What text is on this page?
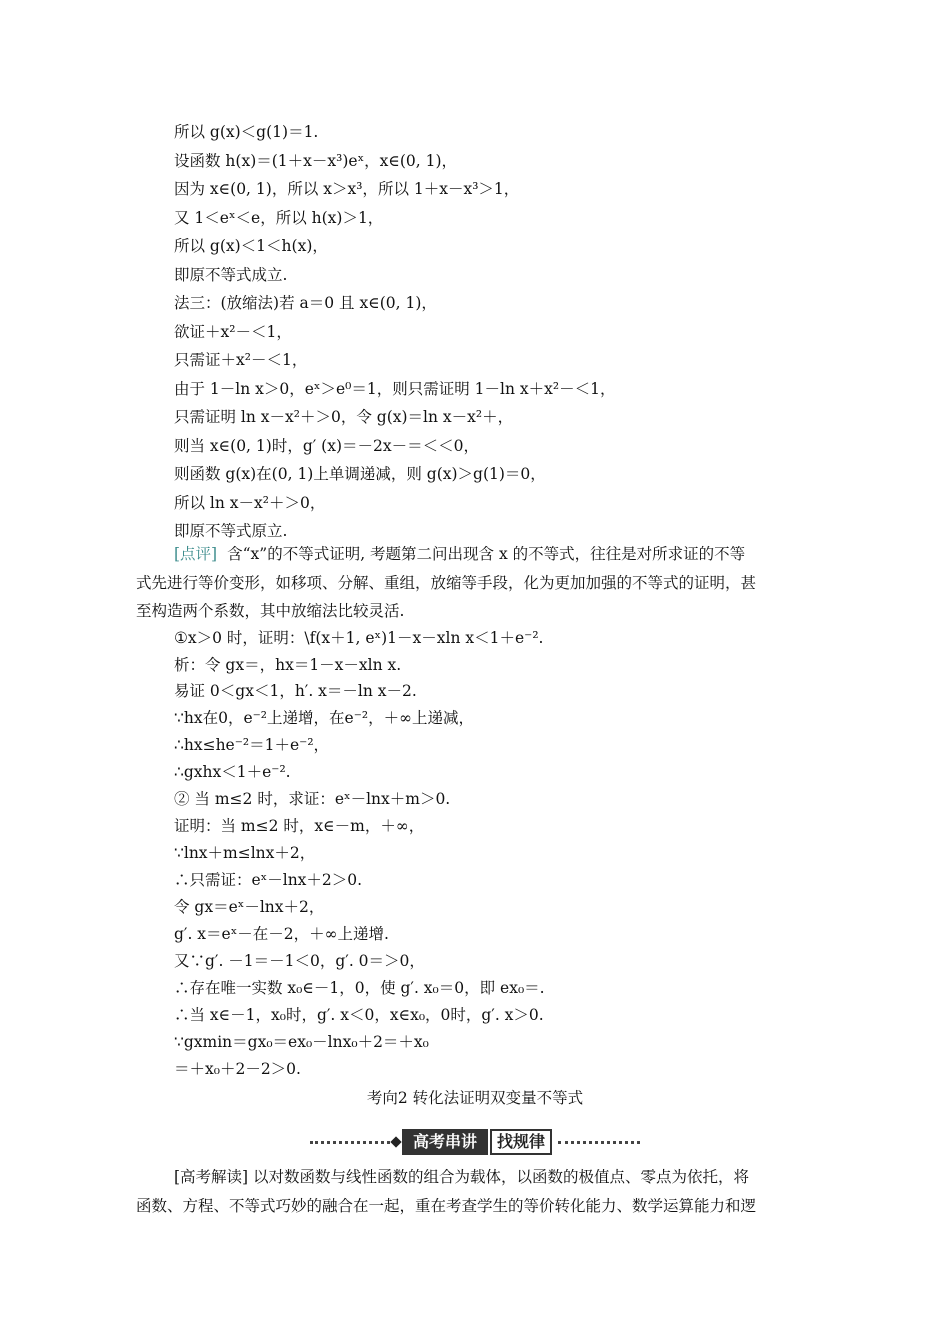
所以 g(x)＜g(1)＝1.
设函数 h(x)＝(1＋x－x³)eˣ，x∈(0, 1)，
因为 x∈(0, 1)，所以 x＞x³，所以 1＋x－x³＞1，
又 1＜eˣ＜e，所以 h(x)＞1，
所以 g(x)＜1＜h(x)，
即原不等式成立.
法三：(放缩法)若 a＝0 且 x∈(0, 1)，
欲证＋x²－＜1，
只需证＋x²－＜1，
由于 1－ln x＞0，eˣ＞e⁰＝1，则只需证明 1－ln x＋x²－＜1，
只需证明 ln x－x²＋＞0，令 g(x)＝ln x－x²＋，
则当 x∈(0, 1)时，g′ (x)＝－2x－＝＜＜0，
则函数 g(x)在(0, 1)上单调递减，则 g(x)＞g(1)＝0，
所以 ln x－x²＋＞0，
即原不等式原立.
[点评] 含“x”的不等式证明, 考题第二问出现含 x 的不等式，往往是对所求证的不等
式先进行等价变形，如移项、分解、重组，放缩等手段，化为更加加强的不等式的证明，甚
至构造两个系数，其中放缩法比较灵活.
①x＞0 时，证明：\f(x＋1, eˣ)1－x－xln x＜1＋e⁻².
析：令 gx＝，hx＝1－x－xln x.
易证 0＜gx＜1，h′. x＝－ln x－2.
∵hx在0，e⁻²上递增，在e⁻²，＋∞上递减，
∴hx≤he⁻²＝1＋e⁻²，
∴gxhx＜1＋e⁻².
② 当 m≤2 时，求证：eˣ－lnx＋m＞0.
证明：当 m≤2 时，x∈－m，＋∞，
∵lnx＋m≤lnx＋2，
∴只需证：eˣ－lnx＋2＞0.
令 gx＝eˣ－lnx＋2，
g′. x＝eˣ－在－2，＋∞上递增.
又∵g′. －1＝－1＜0，g′. 0＝＞0，
∴存在唯一实数 x₀∈－1，0，使 g′. x₀＝0，即 ex₀＝.
∴当 x∈－1，x₀时，g′. x＜0，x∈x₀，0时，g′. x＞0.
∵gxmin＝gx₀＝ex₀－lnx₀＋2＝＋x₀
＝＋x₀＋2－2＞0.
考向2 转化法证明双变量不等式
高考串讲	找规律
[高考解读] 以对数函数与线性函数的组合为载体，以函数的极值点、零点为依托，将
函数、方程、不等式巧妙的融合在一起，重在考查学生的等价转化能力、数学运算能力和逻
